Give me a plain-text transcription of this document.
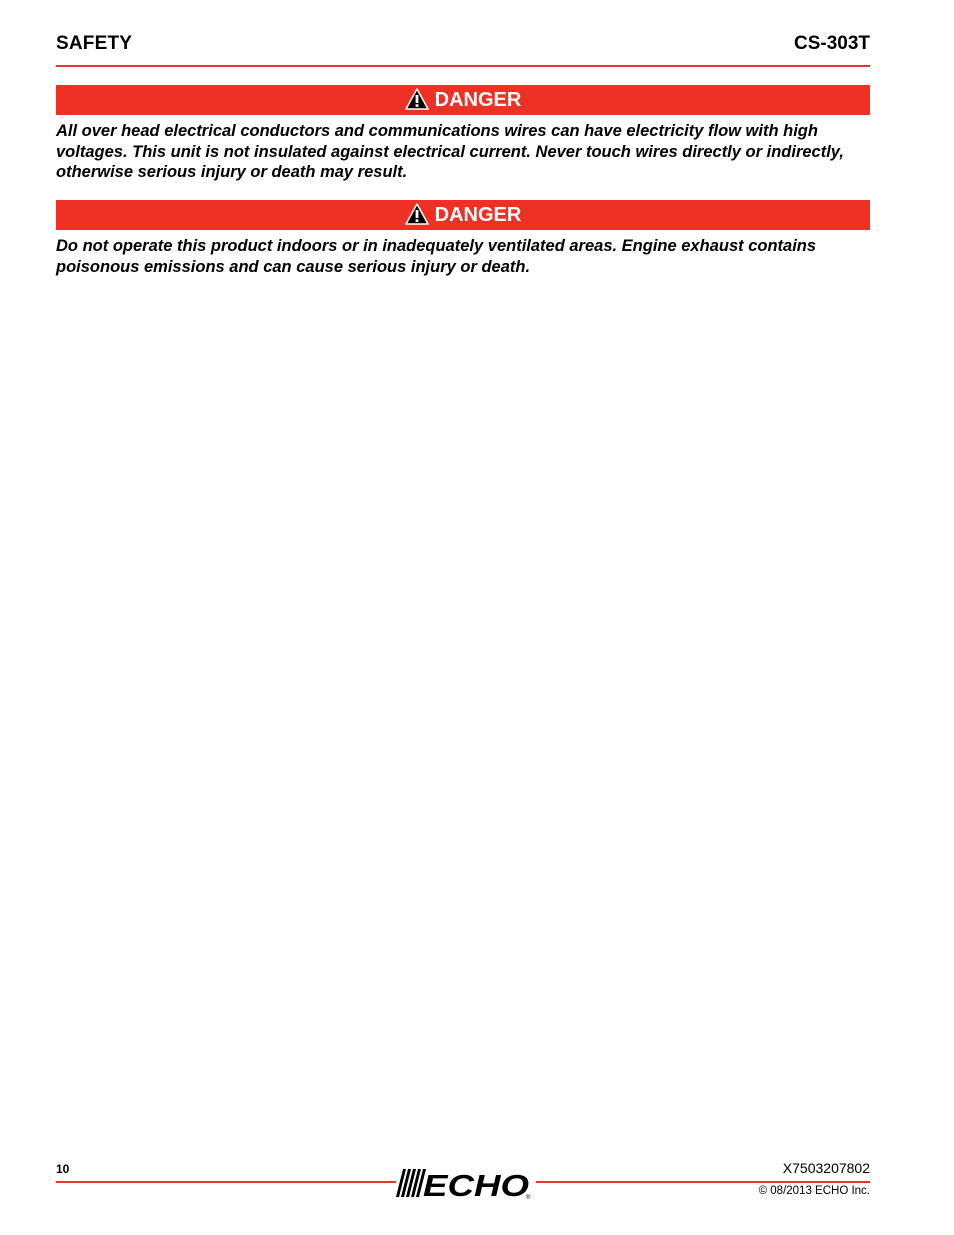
SAFETY	CS-303T
DANGER

All over head electrical conductors and communications wires can have electricity flow with high voltages. This unit is not insulated against electrical current. Never touch wires directly or indirectly, otherwise serious injury or death may result.

DANGER

Do not operate this product indoors or in inadequately ventilated areas. Engine exhaust contains poisonous emissions and can cause serious injury or death.

10	ECHO
®
X7503207802
© 08/2013 ECHO Inc.
